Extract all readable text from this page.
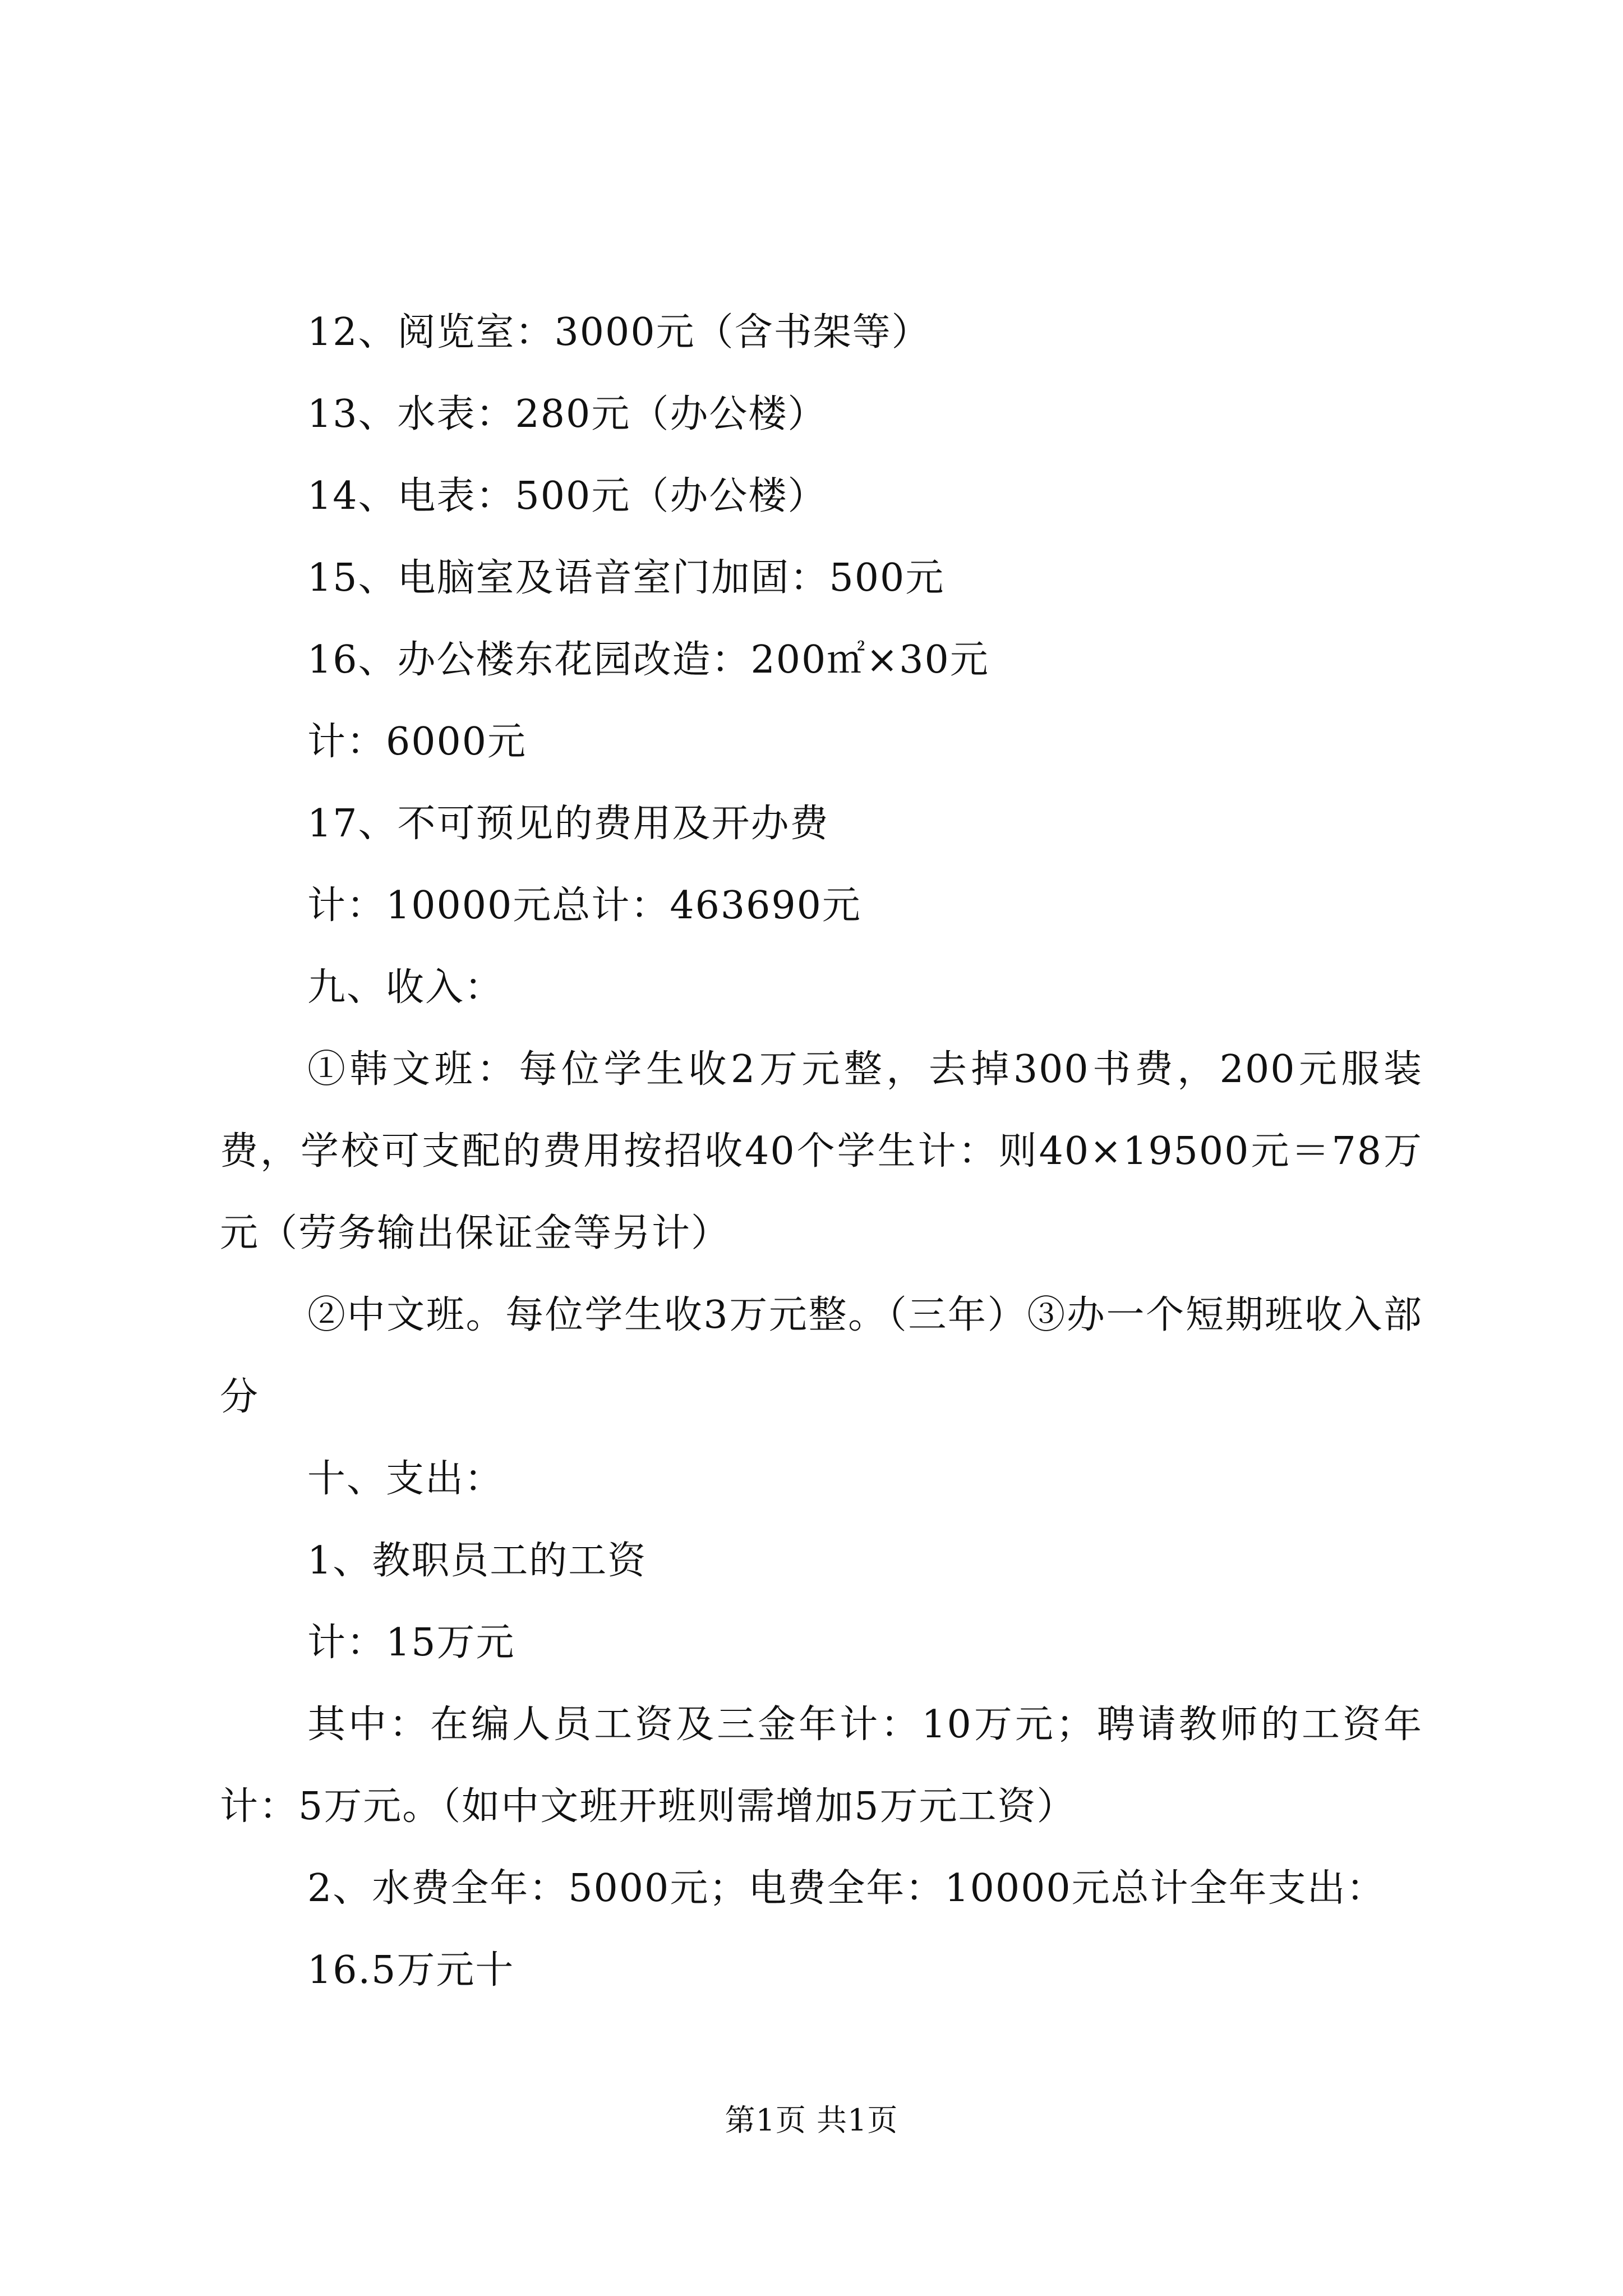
12、阅览室：3000元（含书架等）

13、水表：280元（办公楼）

14、电表：500元（办公楼）

15、电脑室及语音室门加固：500元

16、办公楼东花园改造：200㎡×30元

计：6000元

17、不可预见的费用及开办费

计：10000元总计：463690元

九、收入：

①韩文班：每位学生收2万元整，去掉300书费，200元服装费，学校可支配的费用按招收40个学生计：则40×19500元＝78万元（劳务输出保证金等另计）

②中文班。每位学生收3万元整。（三年）③办一个短期班收入部分

十、支出：

1、教职员工的工资

计：15万元

其中：在编人员工资及三金年计：10万元；聘请教师的工资年计：5万元。（如中文班开班则需增加5万元工资）

2、水费全年：5000元；电费全年：10000元总计全年支出：

16.5万元十

第1页 共1页
